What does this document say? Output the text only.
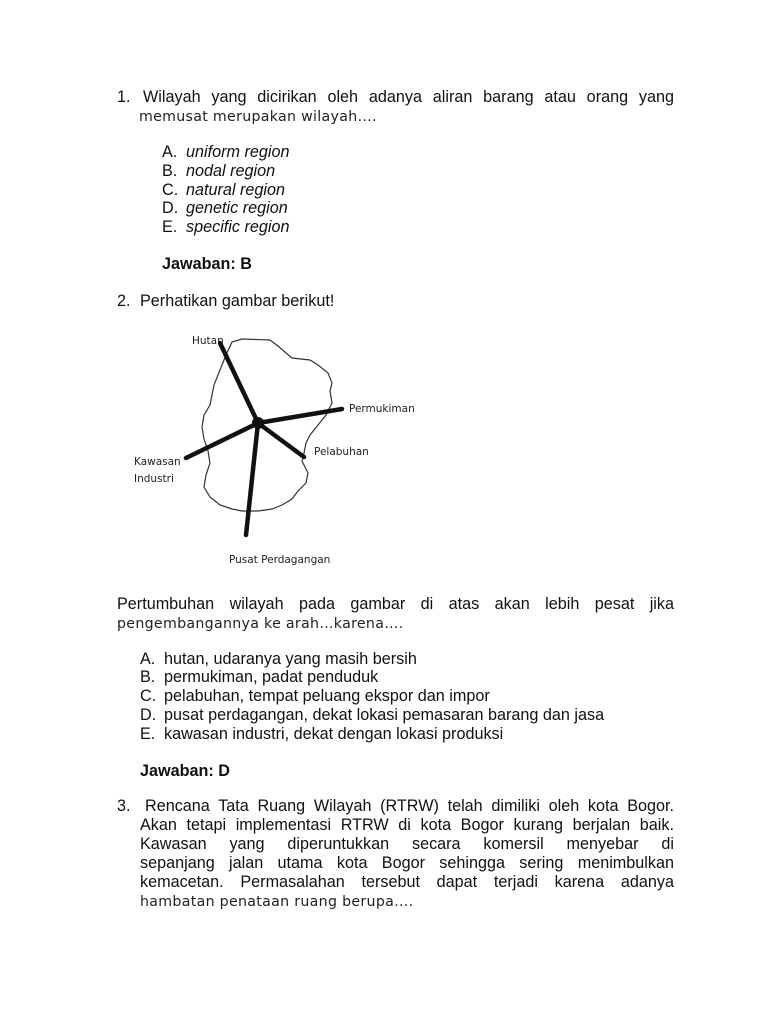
1. Wilayah yang dicirikan oleh adanya aliran barang atau orang yang
memusat merupakan wilayah….
A. uniform region
B. nodal region
C. natural region
D. genetic region
E. specific region
Jawaban: B
2. Perhatikan gambar berikut!
Hutan
Permukiman
Pelabuhan
Kawasan
Industri
Pusat Perdagangan
Pertumbuhan wilayah pada gambar di atas akan lebih pesat jika
pengembangannya ke arah…karena….
A. hutan, udaranya yang masih bersih
B. permukiman, padat penduduk
C. pelabuhan, tempat peluang ekspor dan impor
D. pusat perdagangan, dekat lokasi pemasaran barang dan jasa
E. kawasan industri, dekat dengan lokasi produksi
Jawaban: D
3. Rencana Tata Ruang Wilayah (RTRW) telah dimiliki oleh kota Bogor.
Akan tetapi implementasi RTRW di kota Bogor kurang berjalan baik.
Kawasan yang diperuntukkan secara komersil menyebar di
sepanjang jalan utama kota Bogor sehingga sering menimbulkan
kemacetan. Permasalahan tersebut dapat terjadi karena adanya
hambatan penataan ruang berupa….
